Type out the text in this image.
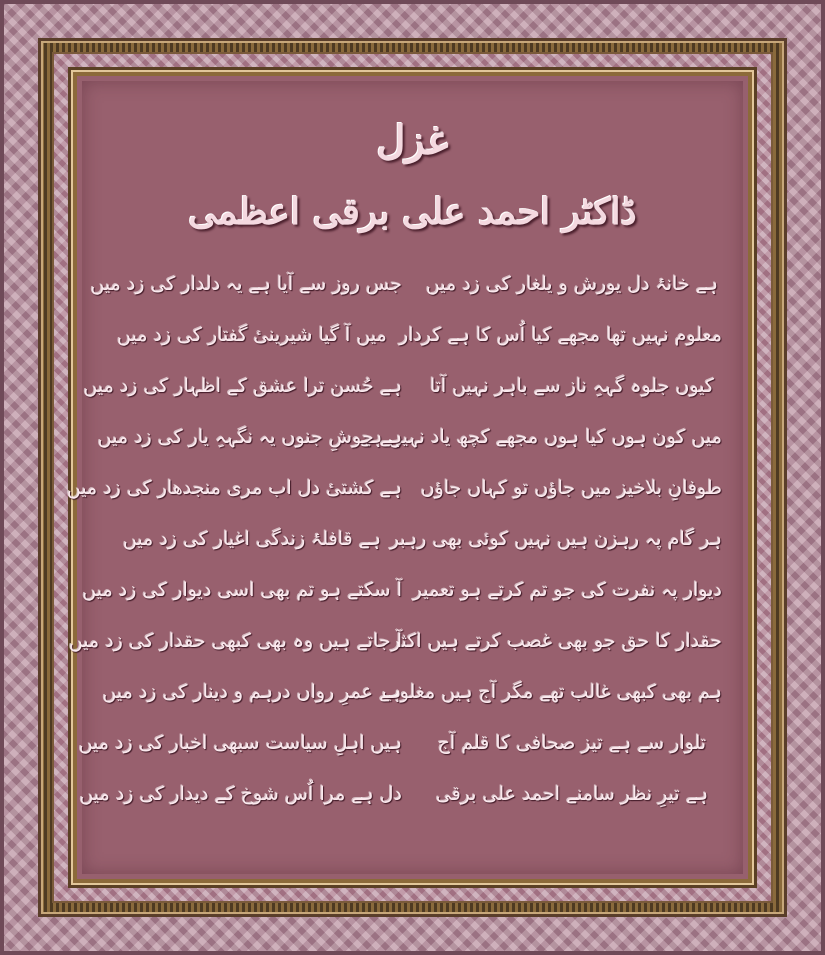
غزل
ڈاکٹر احمد علی برقی اعظمی
ہے خانۂ دل یورش و یلغار کی زد میں
جس روز سے آیا ہے یہ دلدار کی زد میں
معلوم نہیں تھا مجھے کیا اُس کا ہے کردار
میں آ گیا شیرینیٔ گفتار کی زد میں
کیوں جلوہ گہہِ ناز سے باہر نہیں آتا
ہے حُسن ترا عشق کے اظہار کی زد میں
میں کون ہوں کیا ہوں مجھے کچھ یاد نہیں ہے
ہے جوشِ جنوں یہ نگہہِ یار کی زد میں
طوفانِ بلاخیز میں جاؤں تو کہاں جاؤں
ہے کشتیٔ دل اب مری منجدھار کی زد میں
ہر گام پہ رہزن ہیں نہیں کوئی بھی رہبر
ہے قافلۂ زندگی اغیار کی زد میں
دیوار پہ نفرت کی جو تم کرتے ہو تعمیر
آ سکتے ہو تم بھی اسی دیوار کی زد میں
حقدار کا حق جو بھی غصب کرتے ہیں اکثر
آ جاتے ہیں وہ بھی کبھی حقدار کی زد میں
ہم بھی کبھی غالب تھے مگر آج ہیں مغلوب
ہے عمرِ رواں درہم و دینار کی زد میں
تلوار سے ہے تیز صحافی کا قلم آج
ہیں اہلِ سیاست سبھی اخبار کی زد میں
ہے تیرِ نظر سامنے احمد علی برقی
دل ہے مرا اُس شوخ کے دیدار کی زد میں
